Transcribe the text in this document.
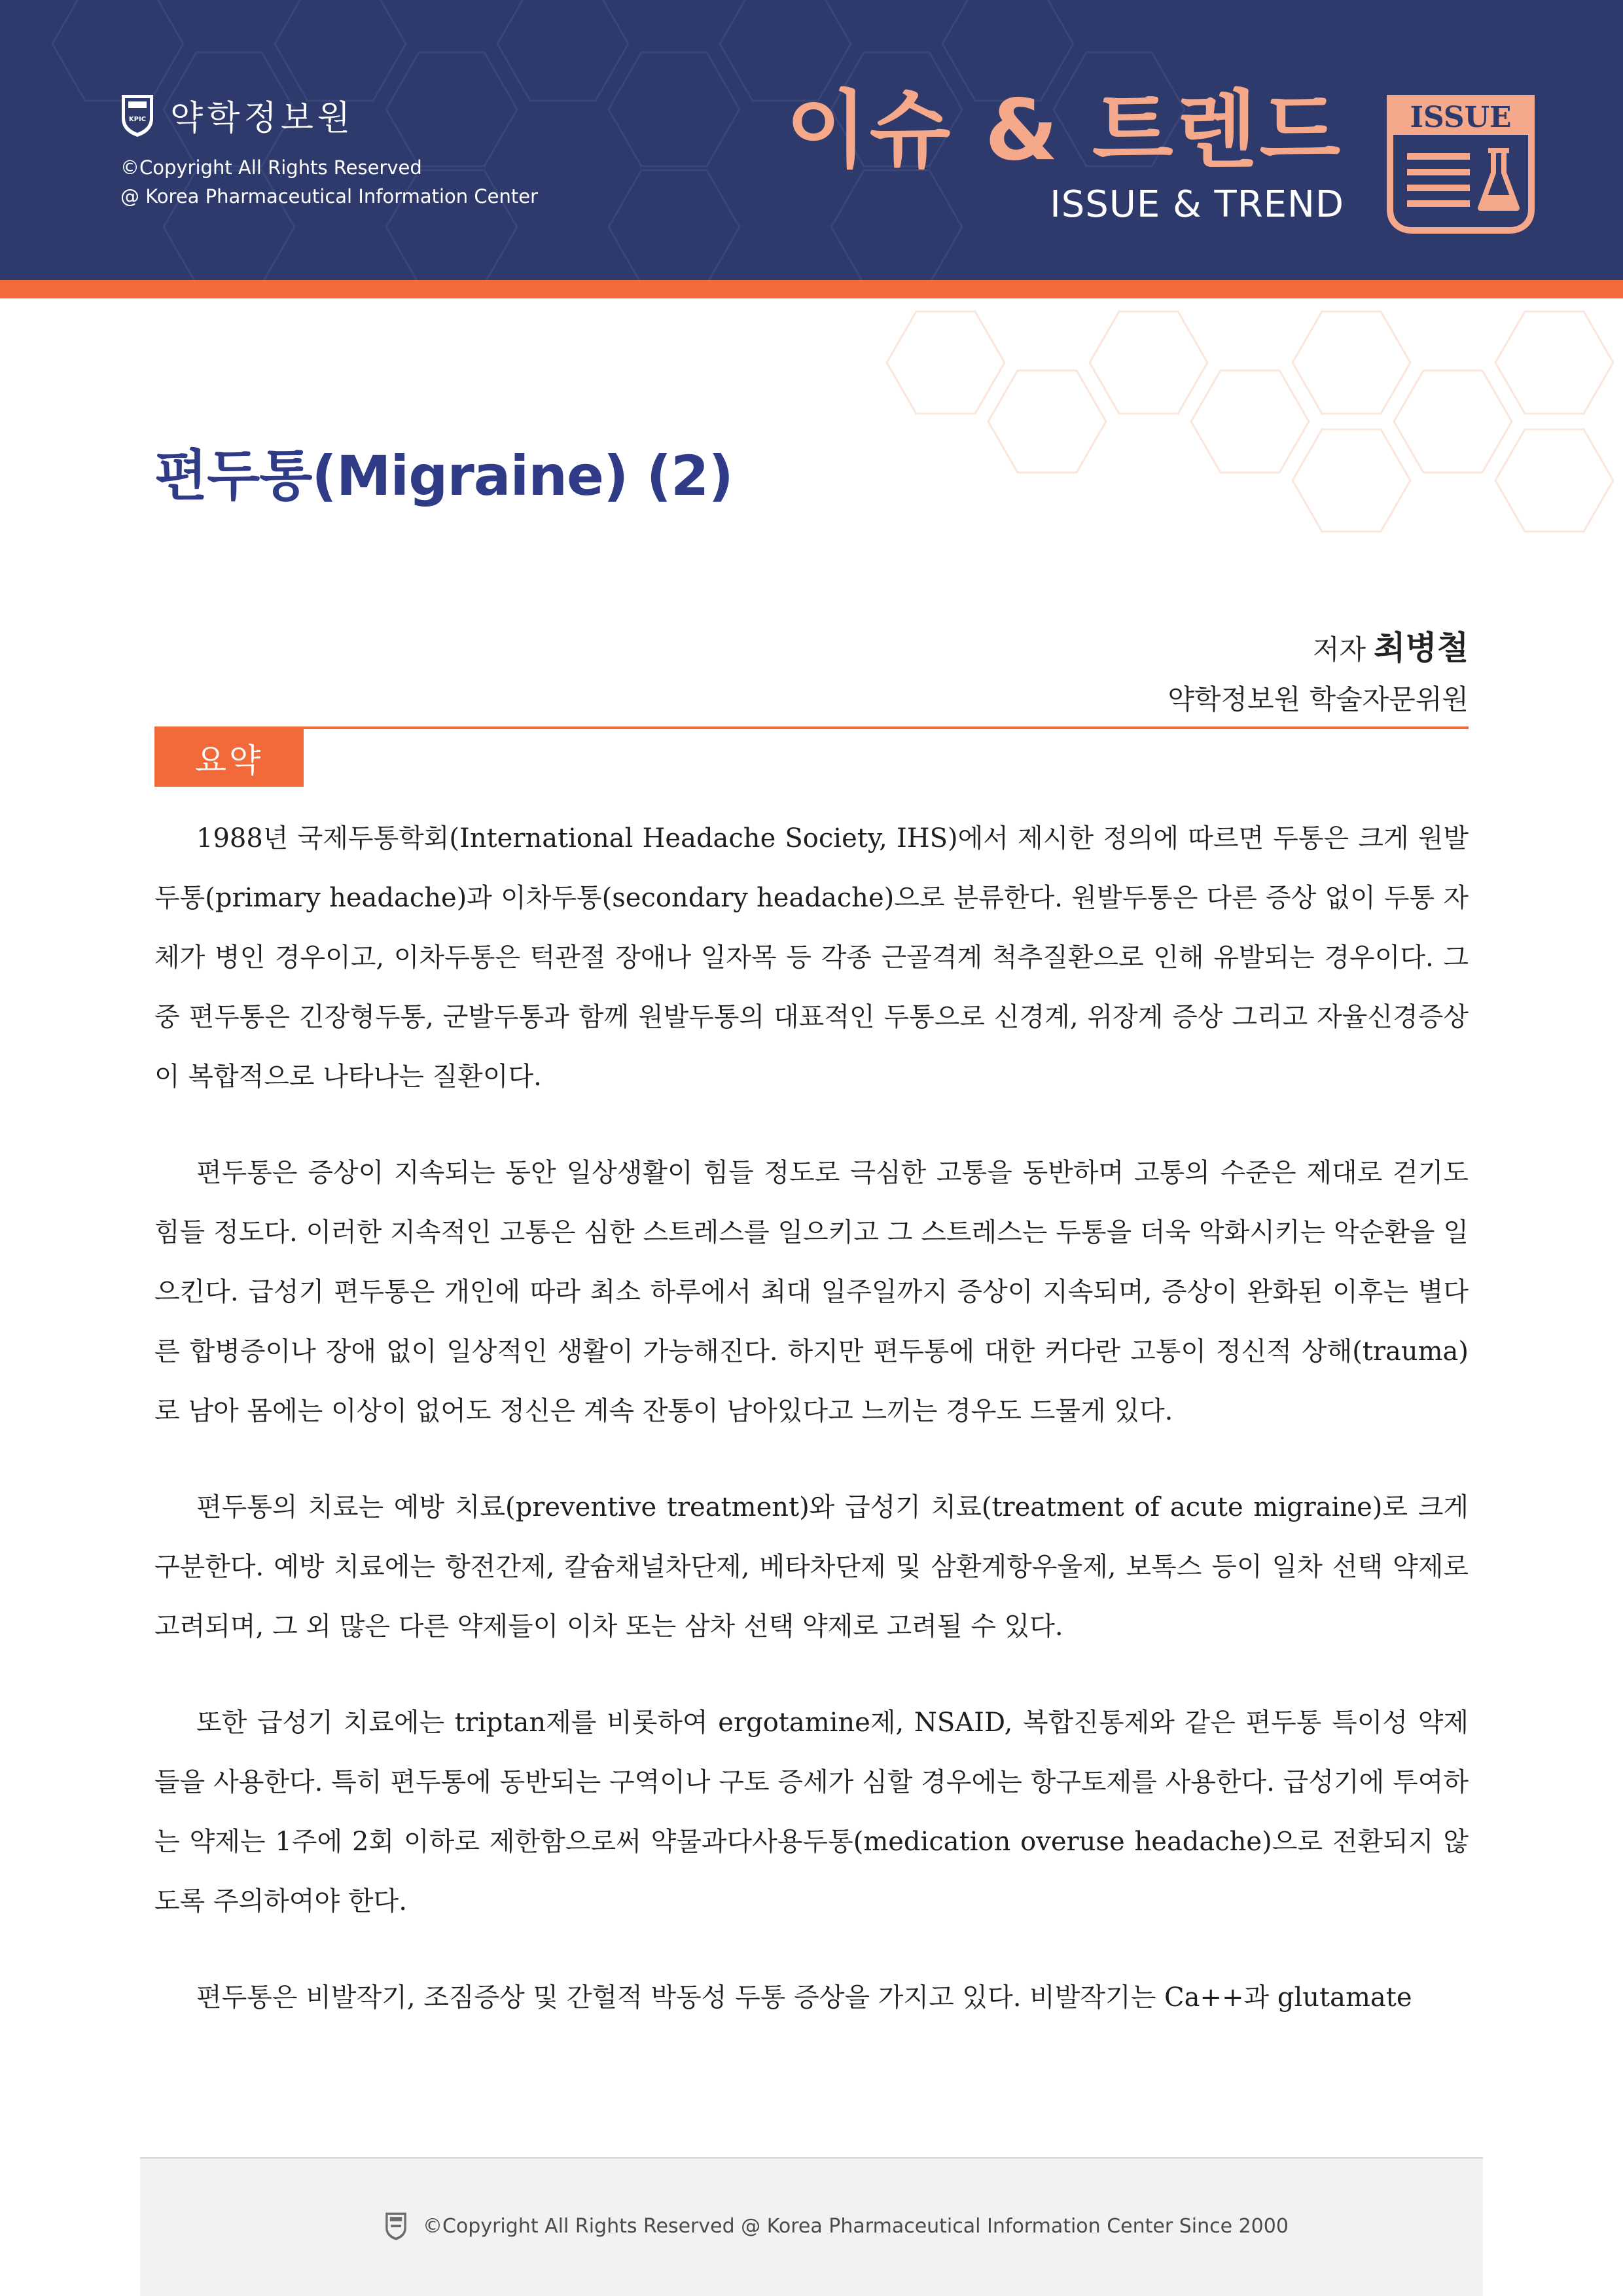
KPIC 약학정보원
©Copyright All Rights Reserved
@ Korea Pharmaceutical Information Center
이슈 & 트렌드
ISSUE & TREND
ISSUE
편두통(Migraine) (2)
저자 최병철
약학정보원 학술자문위원
요약

1988년 국제두통학회(International Headache Society, IHS)에서 제시한 정의에 따르면 두통은 크게 원발두통(primary headache)과 이차두통(secondary headache)으로 분류한다. 원발두통은 다른 증상 없이 두통 자체가 병인 경우이고, 이차두통은 턱관절 장애나 일자목 등 각종 근골격계 척추질환으로 인해 유발되는 경우이다. 그 중 편두통은 긴장형두통, 군발두통과 함께 원발두통의 대표적인 두통으로 신경계, 위장계 증상 그리고 자율신경증상이 복합적으로 나타나는 질환이다.

편두통은 증상이 지속되는 동안 일상생활이 힘들 정도로 극심한 고통을 동반하며 고통의 수준은 제대로 걷기도 힘들 정도다. 이러한 지속적인 고통은 심한 스트레스를 일으키고 그 스트레스는 두통을 더욱 악화시키는 악순환을 일으킨다. 급성기 편두통은 개인에 따라 최소 하루에서 최대 일주일까지 증상이 지속되며, 증상이 완화된 이후는 별다른 합병증이나 장애 없이 일상적인 생활이 가능해진다. 하지만 편두통에 대한 커다란 고통이 정신적 상해(trauma)로 남아 몸에는 이상이 없어도 정신은 계속 잔통이 남아있다고 느끼는 경우도 드물게 있다.

편두통의 치료는 예방 치료(preventive treatment)와 급성기 치료(treatment of acute migraine)로 크게 구분한다. 예방 치료에는 항전간제, 칼슘채널차단제, 베타차단제 및 삼환계항우울제, 보톡스 등이 일차 선택 약제로 고려되며, 그 외 많은 다른 약제들이 이차 또는 삼차 선택 약제로 고려될 수 있다.

또한 급성기 치료에는 triptan제를 비롯하여 ergotamine제, NSAID, 복합진통제와 같은 편두통 특이성 약제들을 사용한다. 특히 편두통에 동반되는 구역이나 구토 증세가 심할 경우에는 항구토제를 사용한다. 급성기에 투여하는 약제는 1주에 2회 이하로 제한함으로써 약물과다사용두통(medication overuse headache)으로 전환되지 않도록 주의하여야 한다.

편두통은 비발작기, 조짐증상 및 간헐적 박동성 두통 증상을 가지고 있다. 비발작기는 Ca++과 glutamate

©Copyright All Rights Reserved @ Korea Pharmaceutical Information Center Since 2000
